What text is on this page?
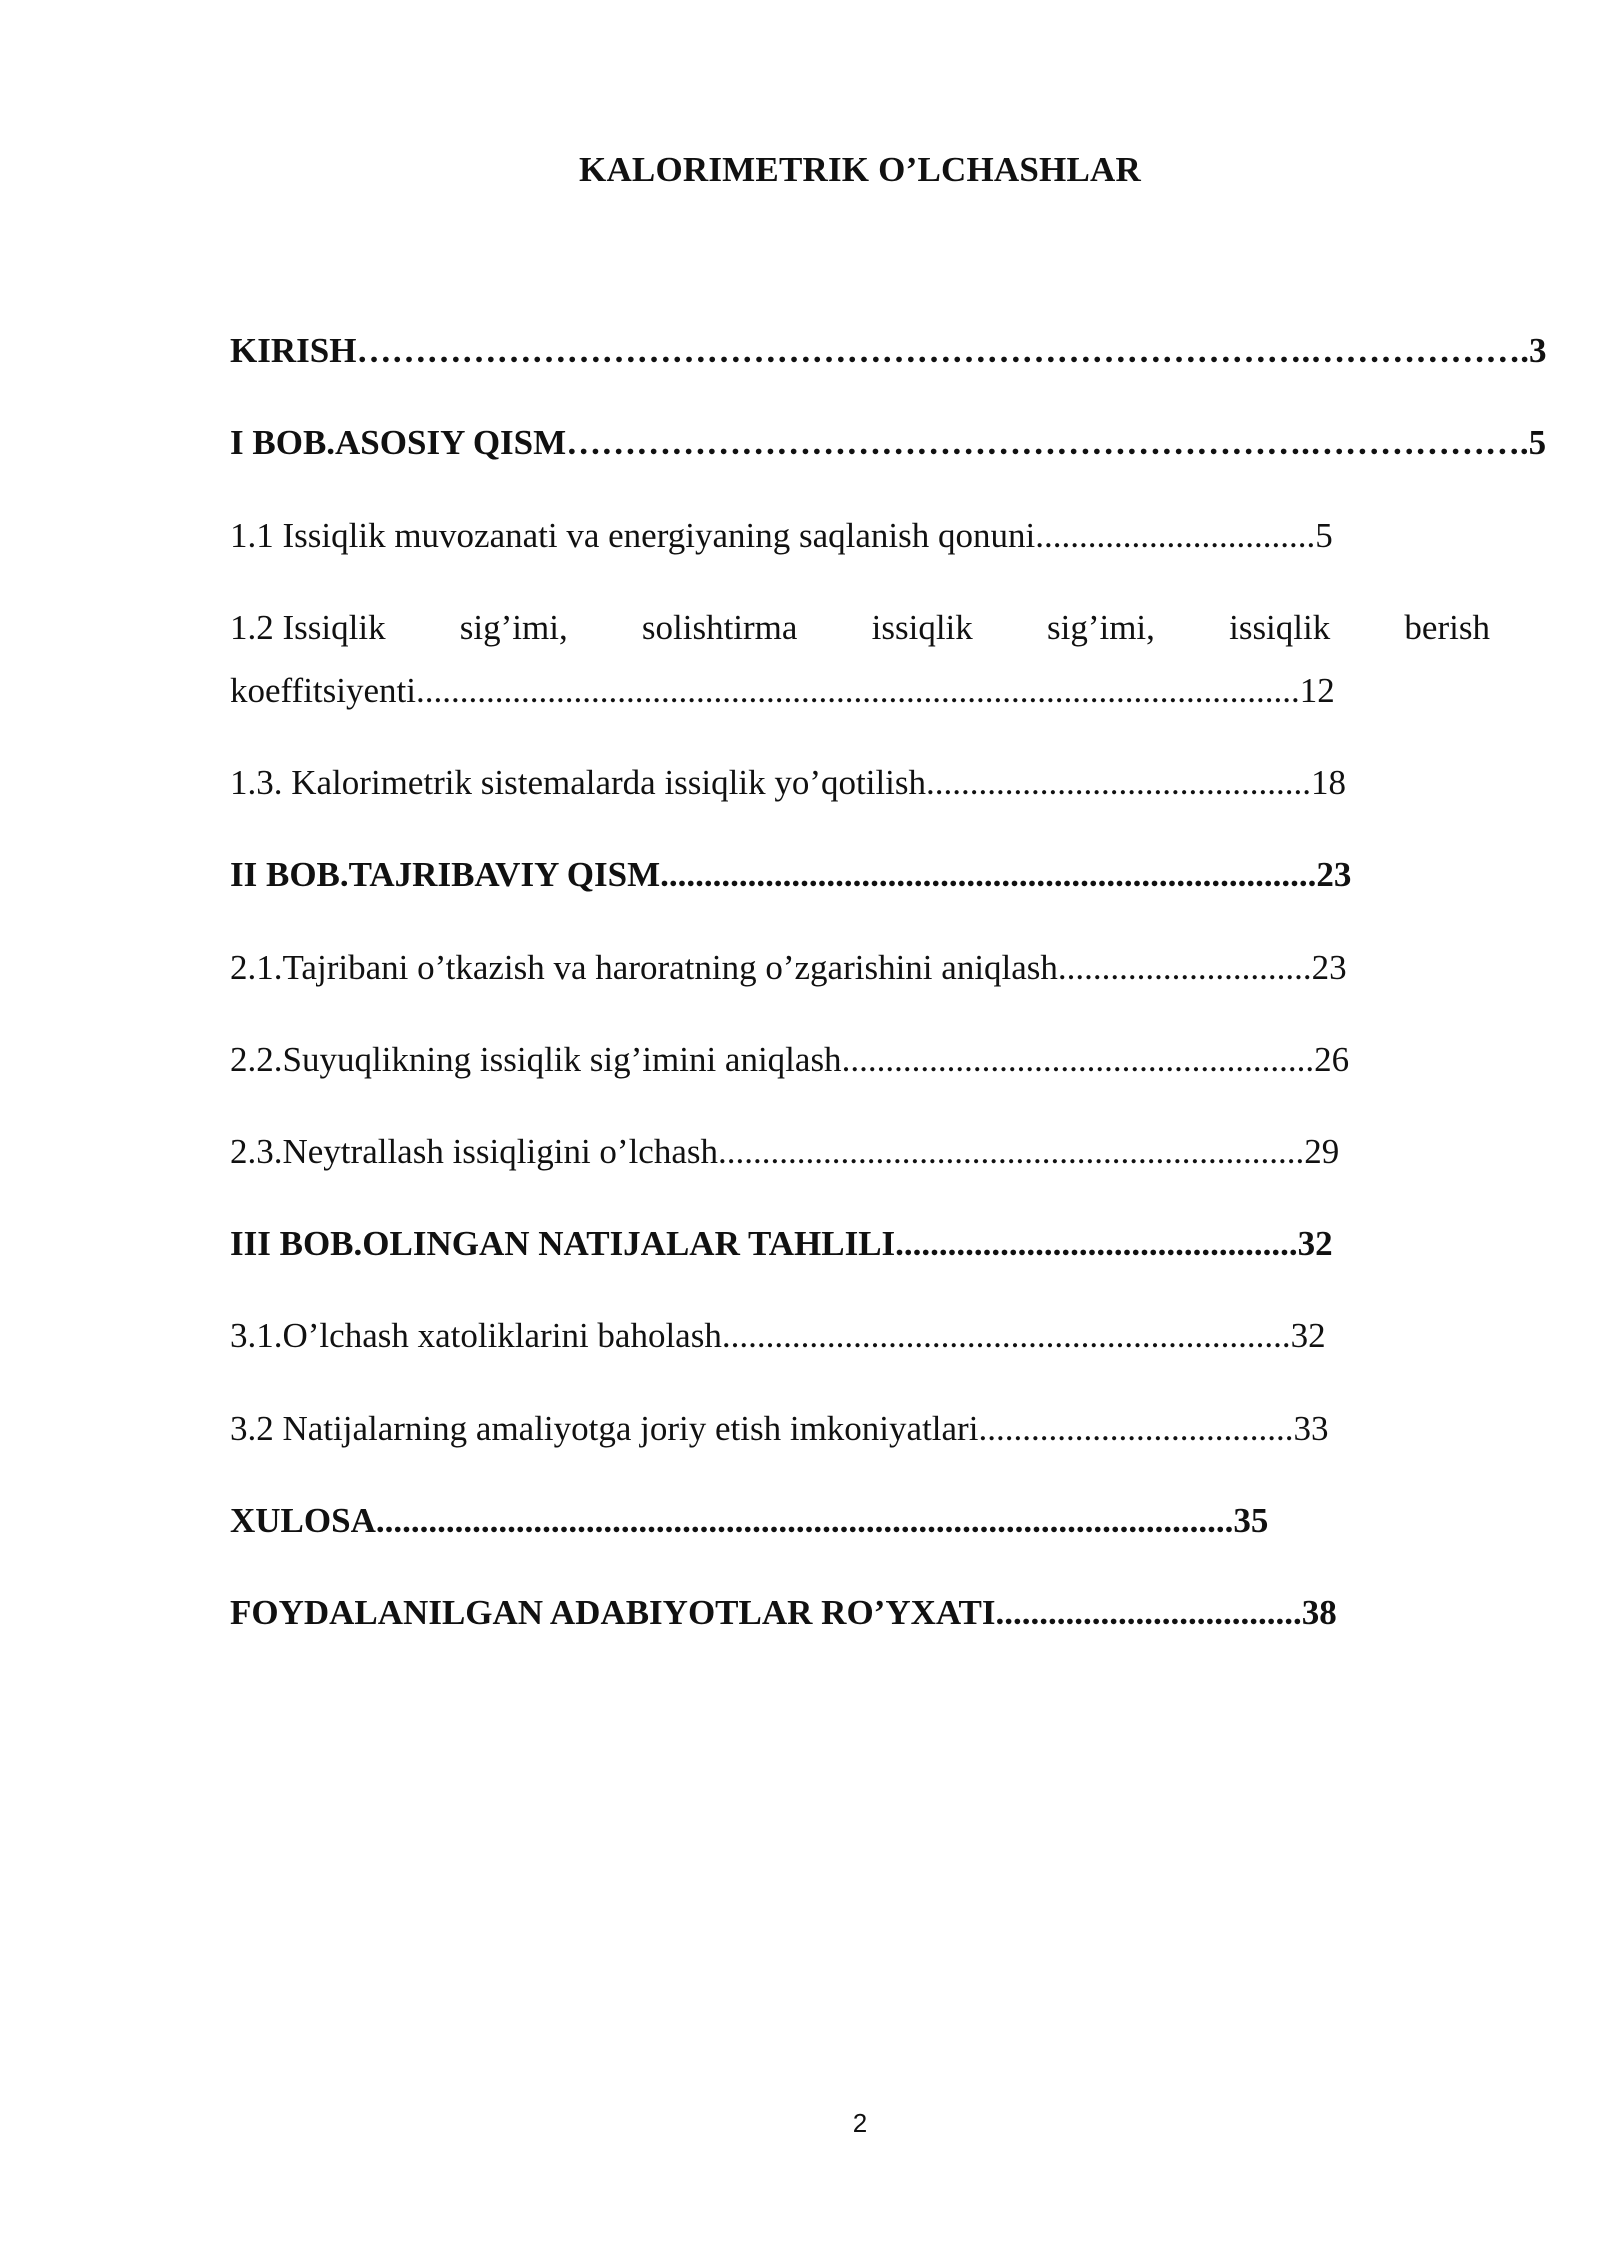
KALORIMETRIK O’LCHASHLAR
KIRISH……………………………………………………………………….……………….3
I BOB.ASOSIY QISM……………………………………………………….……………….5
1.1 Issiqlik muvozanati va energiyaning saqlanish qonuni................................5
1.2 Issiqlik sig’imi, solishtirma issiqlik sig’imi, issiqlik berish
koeffitsiyenti.....................................................................................................12
1.3. Kalorimetrik sistemalarda issiqlik yo’qotilish............................................18
II BOB.TAJRIBAVIY QISM...........................................................................23
2.1.Tajribani o’tkazish va haroratning o’zgarishini aniqlash.............................23
2.2.Suyuqlikning issiqlik sig’imini aniqlash......................................................26
2.3.Neytrallash issiqligini o’lchash...................................................................29
III BOB.OLINGAN NATIJALAR TAHLILI..............................................32
3.1.O’lchash xatoliklarini baholash.................................................................32
3.2 Natijalarning amaliyotga joriy etish imkoniyatlari....................................33
XULOSA..................................................................................................35
FOYDALANILGAN ADABIYOTLAR RO’YXATI...................................38
2
